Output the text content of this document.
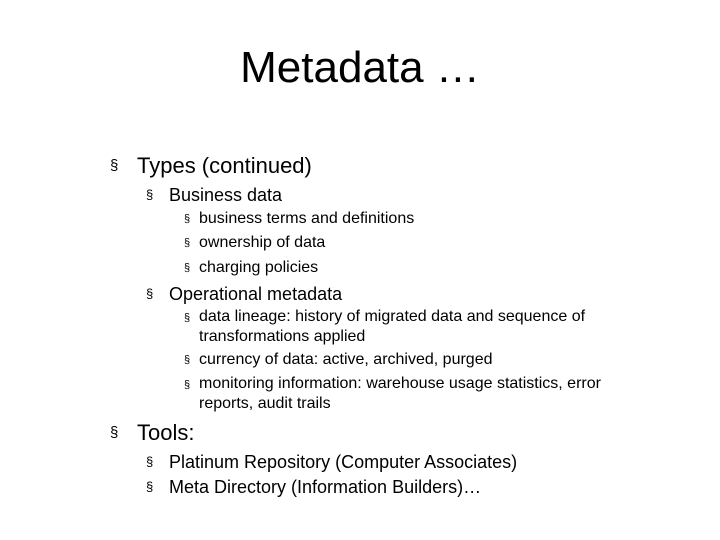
Metadata …
§ Types (continued)
§ Business data
§ business terms and definitions
§ ownership of data
§ charging policies
§ Operational metadata
§ data lineage: history of migrated data and sequence of
transformations applied
§ currency of data: active, archived, purged
§ monitoring information: warehouse usage statistics, error
reports, audit trails
§ Tools:
§ Platinum Repository (Computer Associates)
§ Meta Directory (Information Builders)…
